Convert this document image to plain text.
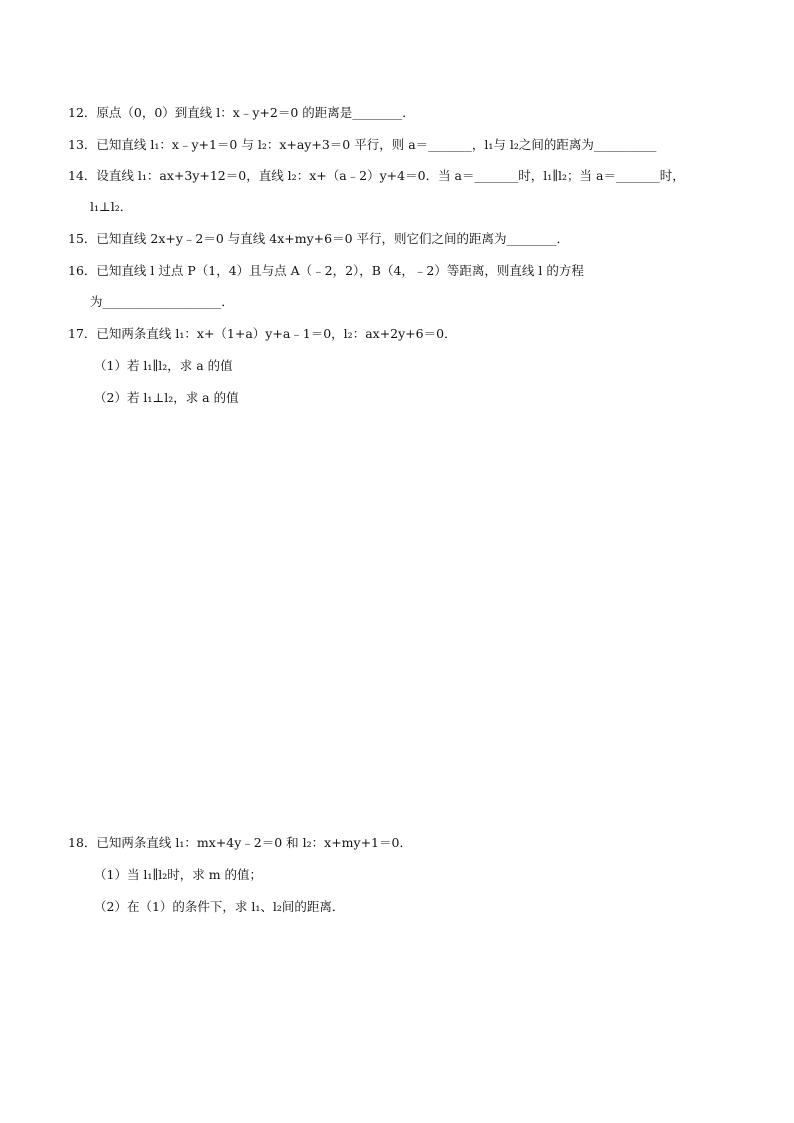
12．原点（0，0）到直线 l：x﹣y+2＝0 的距离是________．
13．已知直线 l₁：x﹣y+1＝0 与 l₂：x+ay+3＝0 平行，则 a＝_______，l₁与 l₂之间的距离为__________
14．设直线 l₁：ax+3y+12＝0，直线 l₂：x+（a﹣2）y+4＝0．当 a＝_______时，l₁∥l₂；当 a＝_______时，
l₁⊥l₂．
15．已知直线 2x+y﹣2＝0 与直线 4x+my+6＝0 平行，则它们之间的距离为________．
16．已知直线 l 过点 P（1，4）且与点 A（﹣2，2），B（4，﹣2）等距离，则直线 l 的方程
为___________________．
17．已知两条直线 l₁：x+（1+a）y+a﹣1＝0，l₂：ax+2y+6＝0．
（1）若 l₁∥l₂，求 a 的值
（2）若 l₁⊥l₂，求 a 的值
18．已知两条直线 l₁：mx+4y﹣2＝0 和 l₂：x+my+1＝0．
（1）当 l₁∥l₂时，求 m 的值；
（2）在（1）的条件下，求 l₁、l₂间的距离．
